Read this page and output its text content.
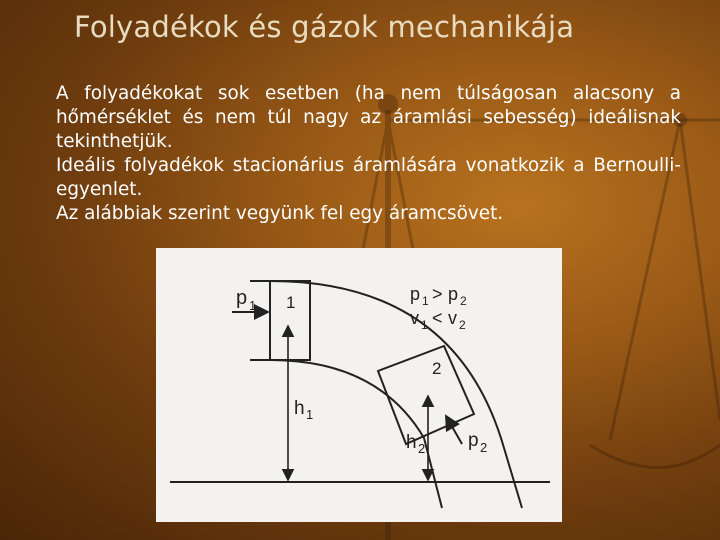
Folyadékok és gázok mechanikája

A folyadékokat sok esetben (ha nem túlságosan alacsony a hőmérséklet és nem túl nagy az áramlási sebesség) ideálisnak tekinthetjük.

Ideális folyadékok stacionárius áramlására vonatkozik a Bernoulli-egyenlet.

Az alábbiak szerint vegyünk fel egy áramcsövet.

p 1 1
2
h 1
h 2 p 2
p 1 > p 2
v 1 < v 2
